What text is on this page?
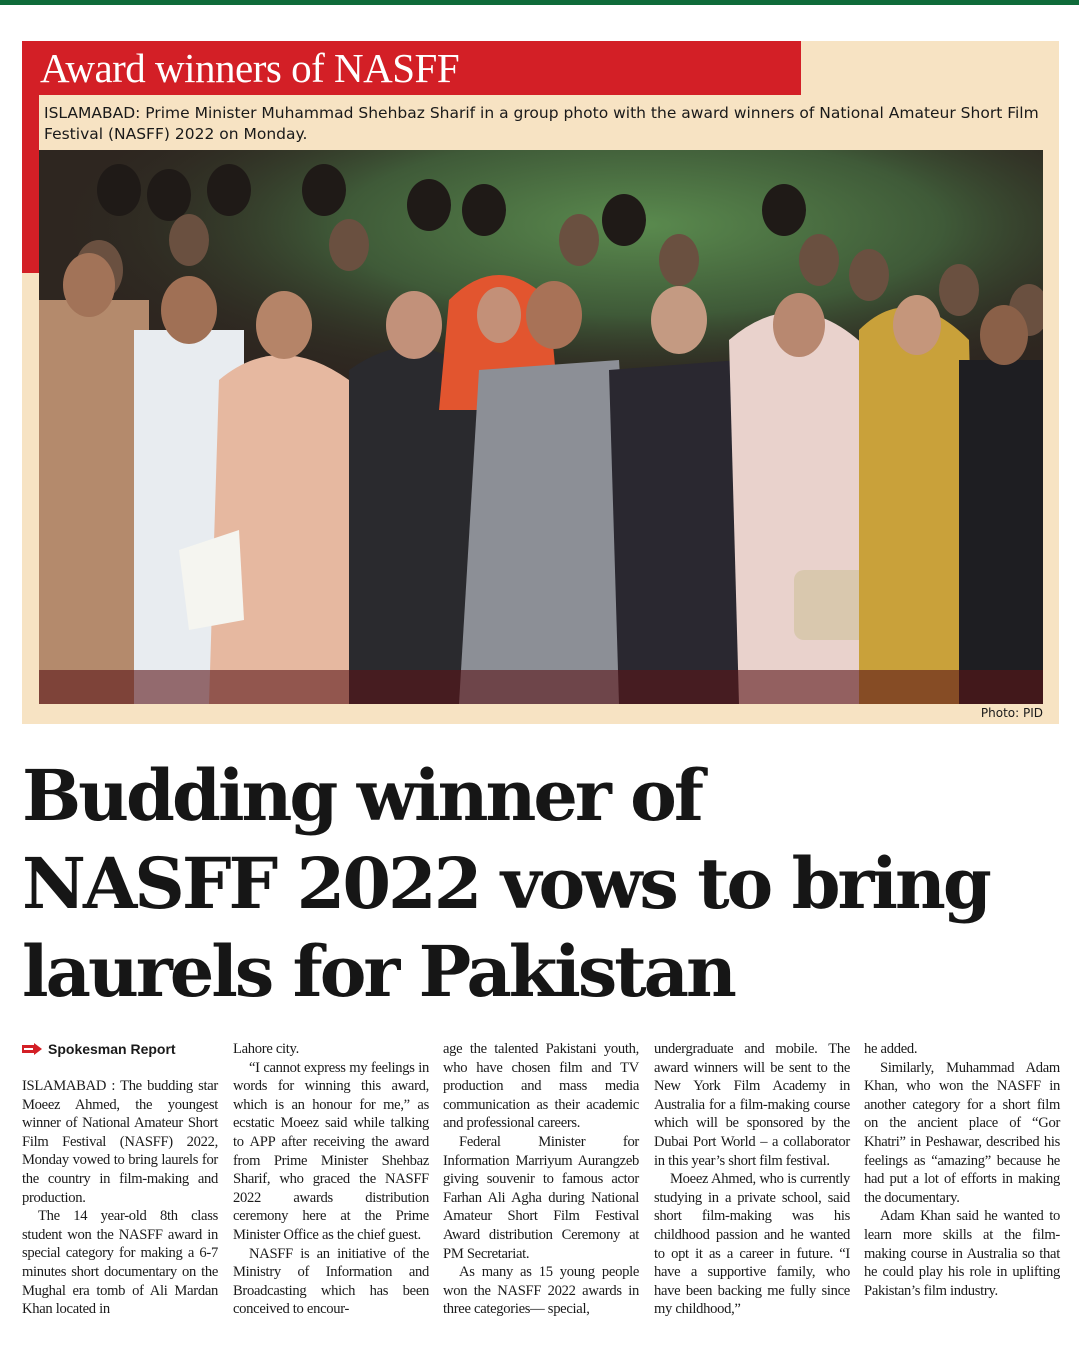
Award winners of NASFF
ISLAMABAD: Prime Minister Muhammad Shehbaz Sharif in a group photo with the award winners of National Amateur Short Film Festival (NASFF) 2022 on Monday.
Photo: PID
Budding winner of
NASFF 2022 vows to bring
laurels for Pakistan
Spokesman Report

ISLAMABAD : The budding star Moeez Ahmed, the youngest winner of National Amateur Short Film Festival (NASFF) 2022, Monday vowed to bring laurels for the country in film-making and production.

The 14 year-old 8th class student won the NASFF award in special category for making a 6-7 minutes short documentary on the Mughal era tomb of Ali Mardan Khan located in

Lahore city.

“I cannot express my feelings in words for winning this award, which is an honour for me,” as ecstatic Moeez said while talking to APP after receiving the award from Prime Minister Shehbaz Sharif, who graced the NASFF 2022 awards distribution ceremony here at the Prime Minister Office as the chief guest.

NASFF is an initiative of the Ministry of Information and Broadcasting which has been conceived to encour-

age the talented Pakistani youth, who have chosen film and TV production and mass media communication as their academic and professional careers.

Federal Minister for Information Marriyum Aurangzeb giving souvenir to famous actor Farhan Ali Agha during National Amateur Short Film Festival Award distribution Ceremony at PM Secretariat.

As many as 15 young people won the NASFF 2022 awards in three categories— special,

undergraduate and mobile. The award winners will be sent to the New York Film Academy in Australia for a film-making course which will be sponsored by the Dubai Port World – a collaborator in this year’s short film festival.

Moeez Ahmed, who is currently studying in a private school, said short film-making was his childhood passion and he wanted to opt it as a career in future. “I have a supportive family, who have been backing me fully since my childhood,”

he added.

Similarly, Muhammad Adam Khan, who won the NASFF in another category for a short film on the ancient place of “Gor Khatri” in Peshawar, described his feelings as “amazing” because he had put a lot of efforts in making the documentary.

Adam Khan said he wanted to learn more skills at the film-making course in Australia so that he could play his role in uplifting Pakistan’s film industry.
